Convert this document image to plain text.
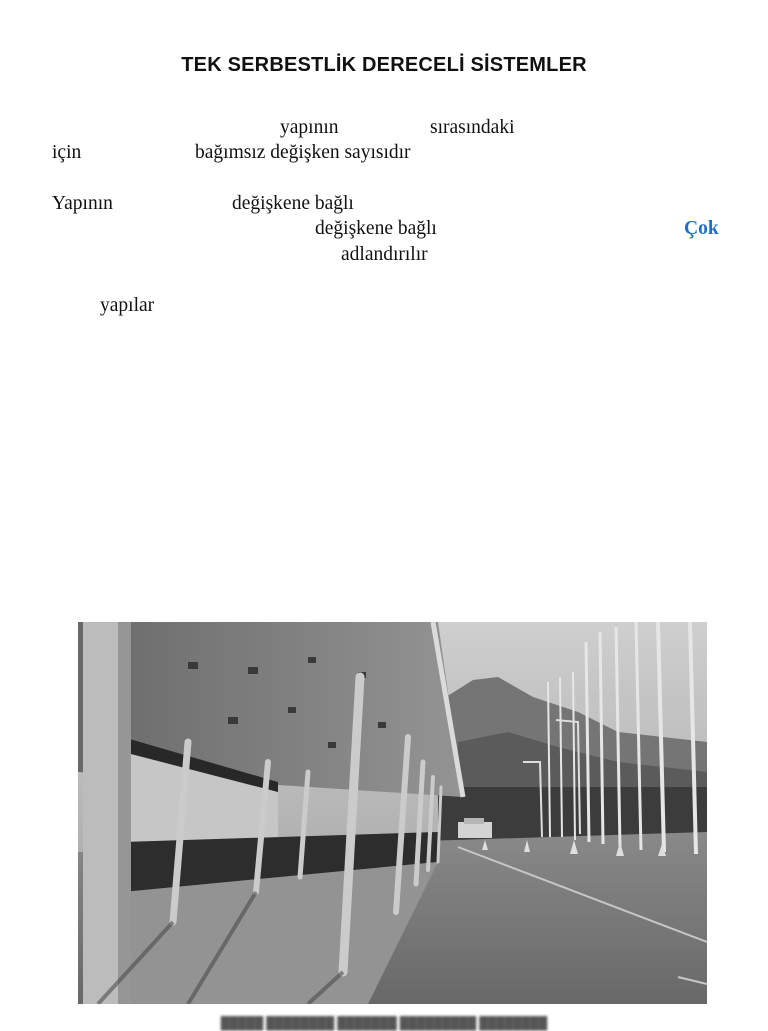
TEK SERBESTLİK DERECELİ SİSTEMLER
yapının	sırasındaki
için	bağımsız değişken sayısıdır
Yapının	değişkene bağlı
değişkene bağlı	Çok
adlandırılır
yapılar
█████ ████████ ███████ █████████ ████████
